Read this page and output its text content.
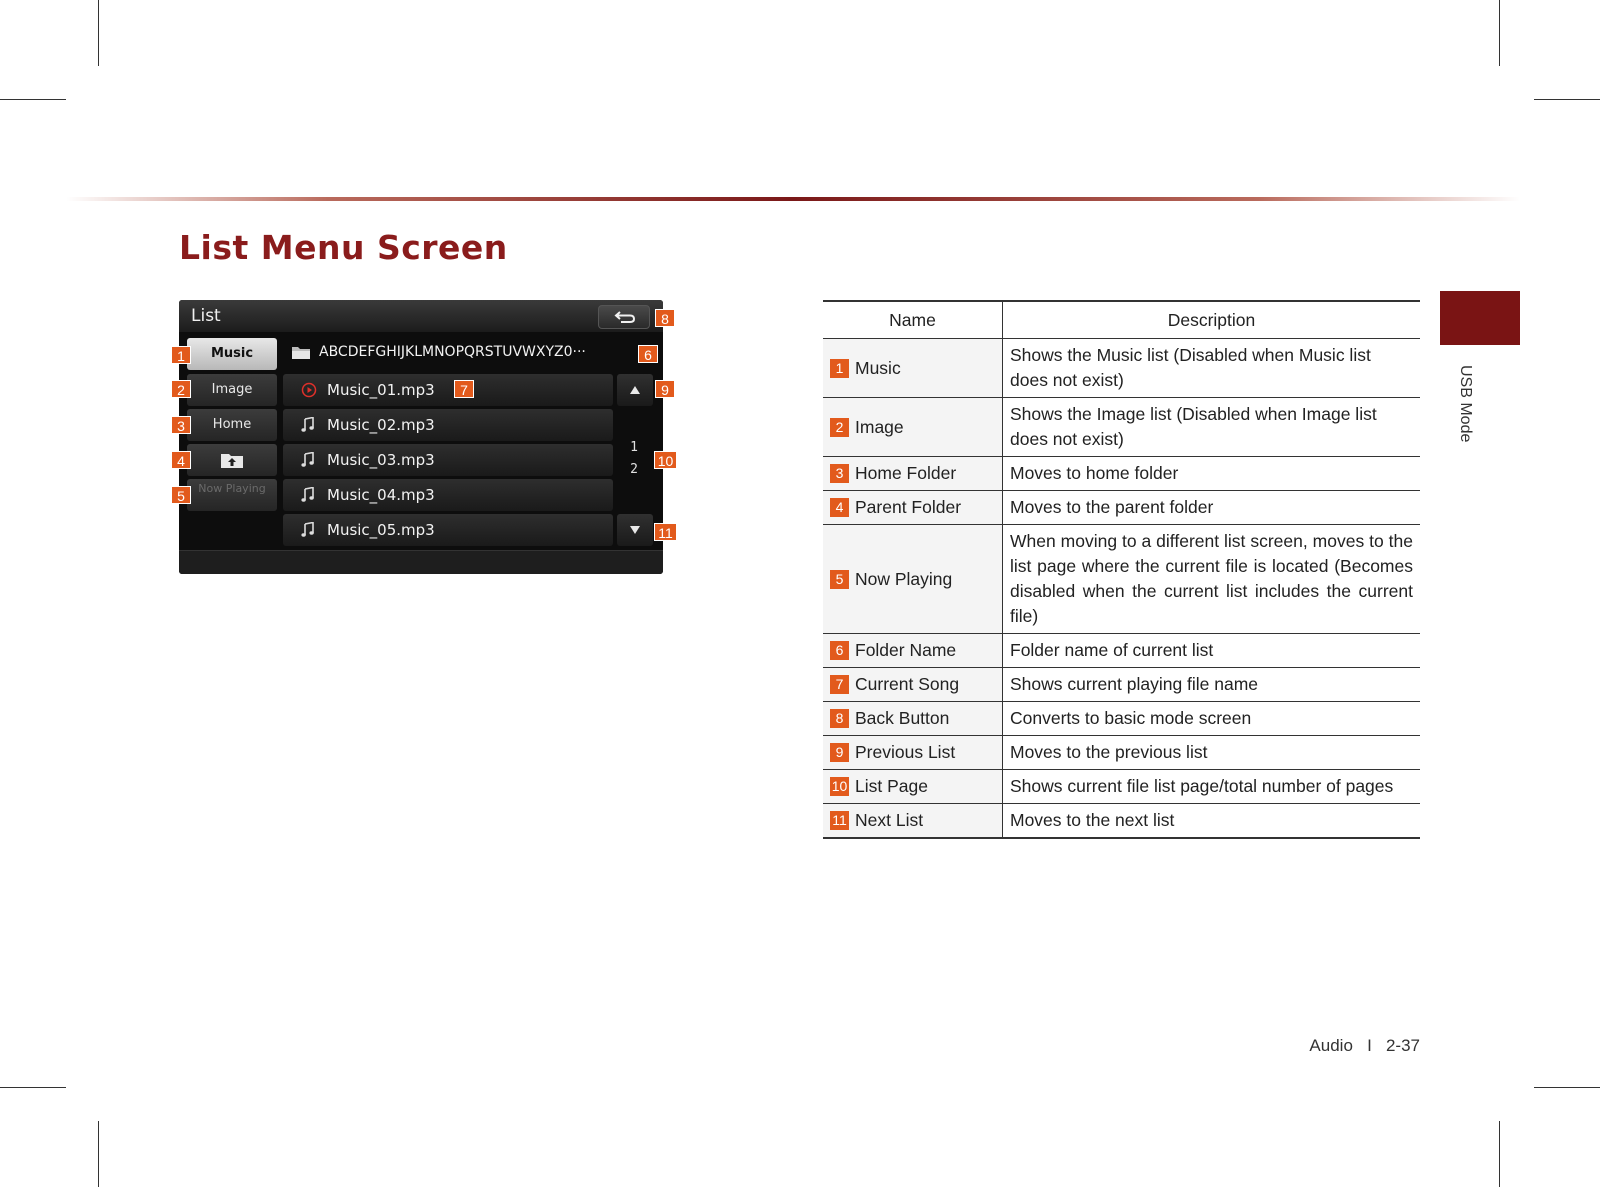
List Menu Screen
USB Mode
List
Music
Image
Home
Now Playing
ABCDEFGHIJKLMNOPQRSTUVWXYZ0···
Music_01.mp3
Music_02.mp3
Music_03.mp3
Music_04.mp3
Music_05.mp3
1
2
1
2
3
4
5
6
7
8
9
10
11
Name	Description
1 Music	Shows the Music list (Disabled when Music list does not exist)
2 Image	Shows the Image list (Disabled when Image list does not exist)
3 Home Folder	Moves to home folder
4 Parent Folder	Moves to the parent folder
5 Now Playing	When moving to a different list screen, moves to the list page where the current file is located (Becomes disabled when the current list includes the current file)
6 Folder Name	Folder name of current list
7 Current Song	Shows current playing file name
8 Back Button	Converts to basic mode screen
9 Previous List	Moves to the previous list
10 List Page	Shows current file list page/total number of pages
11 Next List	Moves to the next list
Audio   I   2-37
